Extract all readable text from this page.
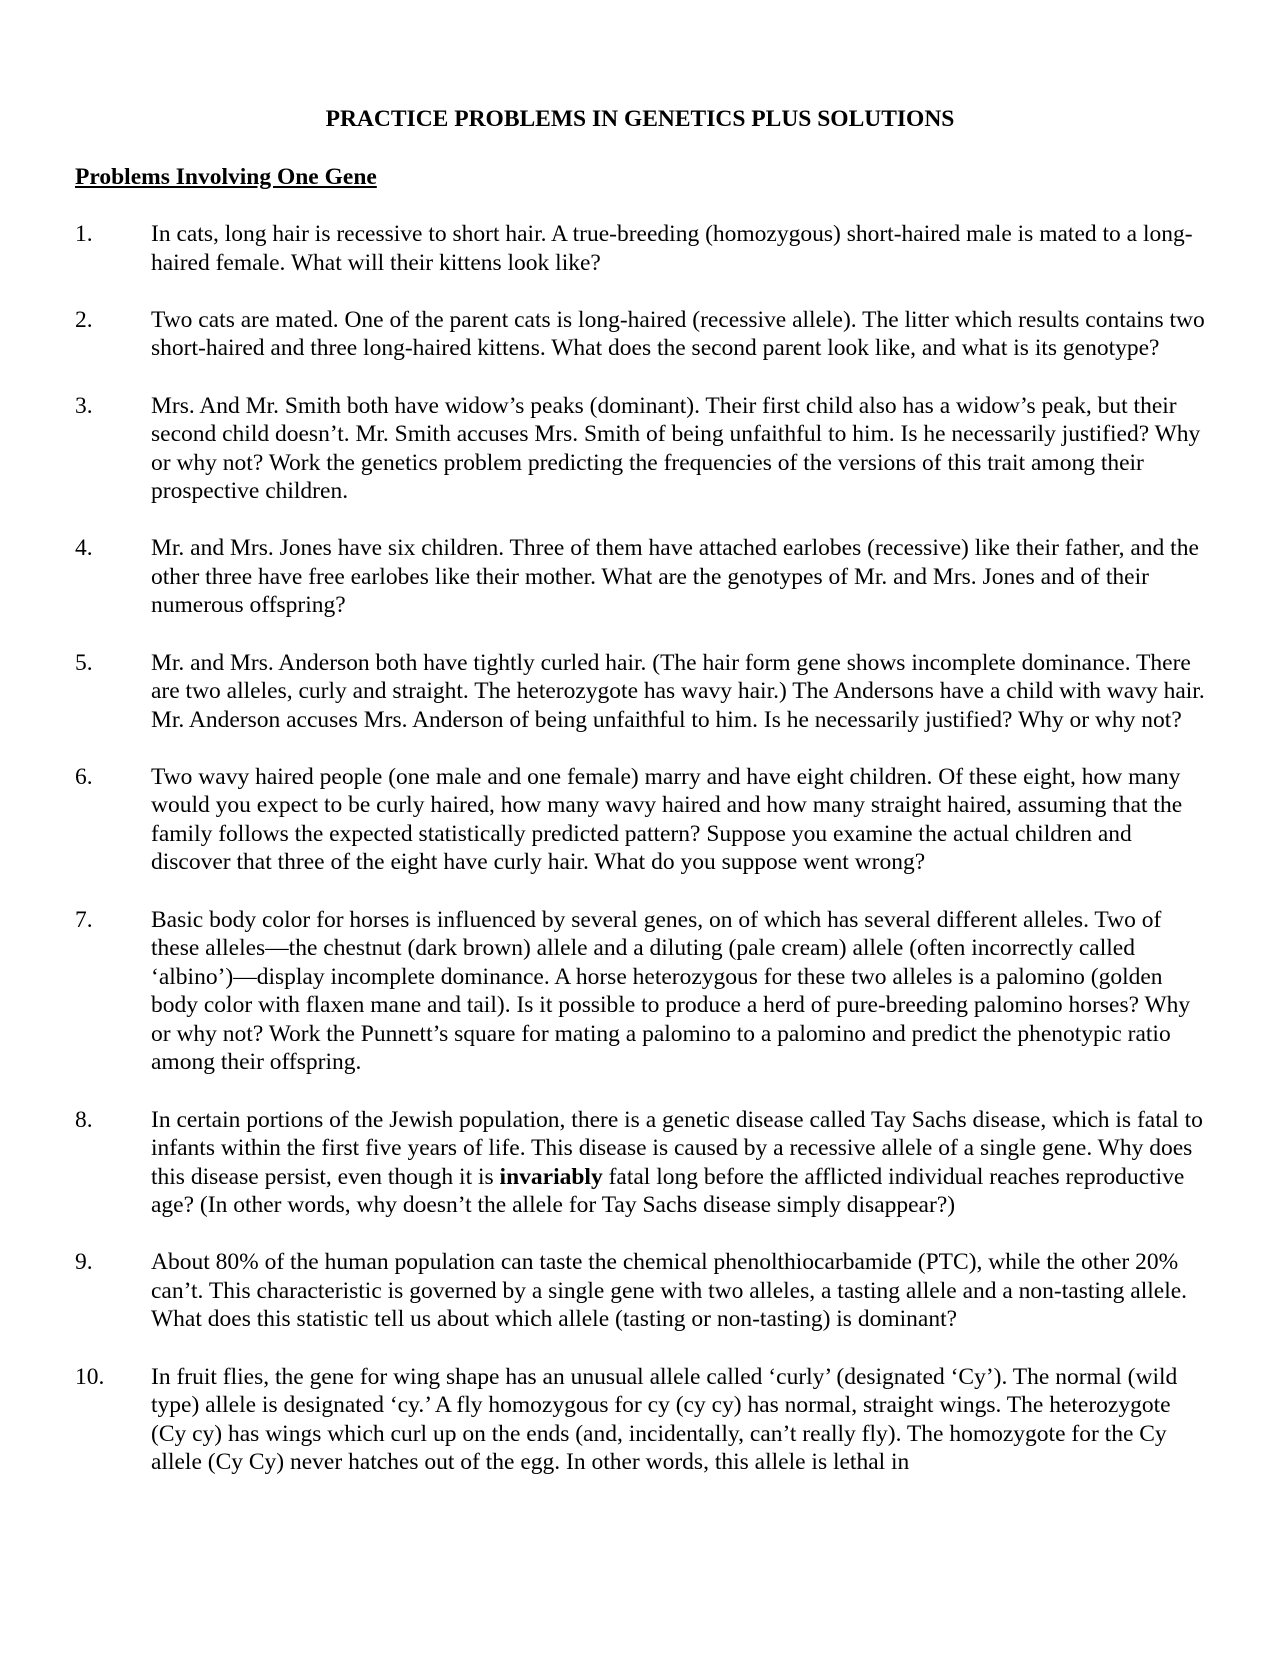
PRACTICE PROBLEMS IN GENETICS PLUS SOLUTIONS
Problems Involving One Gene
1.	In cats, long hair is recessive to short hair. A true-breeding (homozygous) short-haired male is mated to a long-haired female. What will their kittens look like?
2.	Two cats are mated. One of the parent cats is long-haired (recessive allele). The litter which results contains two short-haired and three long-haired kittens. What does the second parent look like, and what is its genotype?
3.	Mrs. And Mr. Smith both have widow’s peaks (dominant). Their first child also has a widow’s peak, but their second child doesn’t. Mr. Smith accuses Mrs. Smith of being unfaithful to him. Is he necessarily justified? Why or why not? Work the genetics problem predicting the frequencies of the versions of this trait among their prospective children.
4.	Mr. and Mrs. Jones have six children. Three of them have attached earlobes (recessive) like their father, and the other three have free earlobes like their mother. What are the genotypes of Mr. and Mrs. Jones and of their numerous offspring?
5.	Mr. and Mrs. Anderson both have tightly curled hair. (The hair form gene shows incomplete dominance. There are two alleles, curly and straight. The heterozygote has wavy hair.) The Andersons have a child with wavy hair. Mr. Anderson accuses Mrs. Anderson of being unfaithful to him. Is he necessarily justified? Why or why not?
6.	Two wavy haired people (one male and one female) marry and have eight children. Of these eight, how many would you expect to be curly haired, how many wavy haired and how many straight haired, assuming that the family follows the expected statistically predicted pattern? Suppose you examine the actual children and discover that three of the eight have curly hair. What do you suppose went wrong?
7.	Basic body color for horses is influenced by several genes, on of which has several different alleles. Two of these alleles—the chestnut (dark brown) allele and a diluting (pale cream) allele (often incorrectly called ‘albino’)—display incomplete dominance. A horse heterozygous for these two alleles is a palomino (golden body color with flaxen mane and tail). Is it possible to produce a herd of pure-breeding palomino horses? Why or why not? Work the Punnett’s square for mating a palomino to a palomino and predict the phenotypic ratio among their offspring.
8.	In certain portions of the Jewish population, there is a genetic disease called Tay Sachs disease, which is fatal to infants within the first five years of life. This disease is caused by a recessive allele of a single gene. Why does this disease persist, even though it is invariably fatal long before the afflicted individual reaches reproductive age? (In other words, why doesn’t the allele for Tay Sachs disease simply disappear?)
9.	About 80% of the human population can taste the chemical phenolthiocarbamide (PTC), while the other 20% can’t. This characteristic is governed by a single gene with two alleles, a tasting allele and a non-tasting allele. What does this statistic tell us about which allele (tasting or non-tasting) is dominant?
10.	In fruit flies, the gene for wing shape has an unusual allele called ‘curly’ (designated ‘Cy’). The normal (wild type) allele is designated ‘cy.’ A fly homozygous for cy (cy cy) has normal, straight wings. The heterozygote (Cy cy) has wings which curl up on the ends (and, incidentally, can’t really fly). The homozygote for the Cy allele (Cy Cy) never hatches out of the egg. In other words, this allele is lethal in
